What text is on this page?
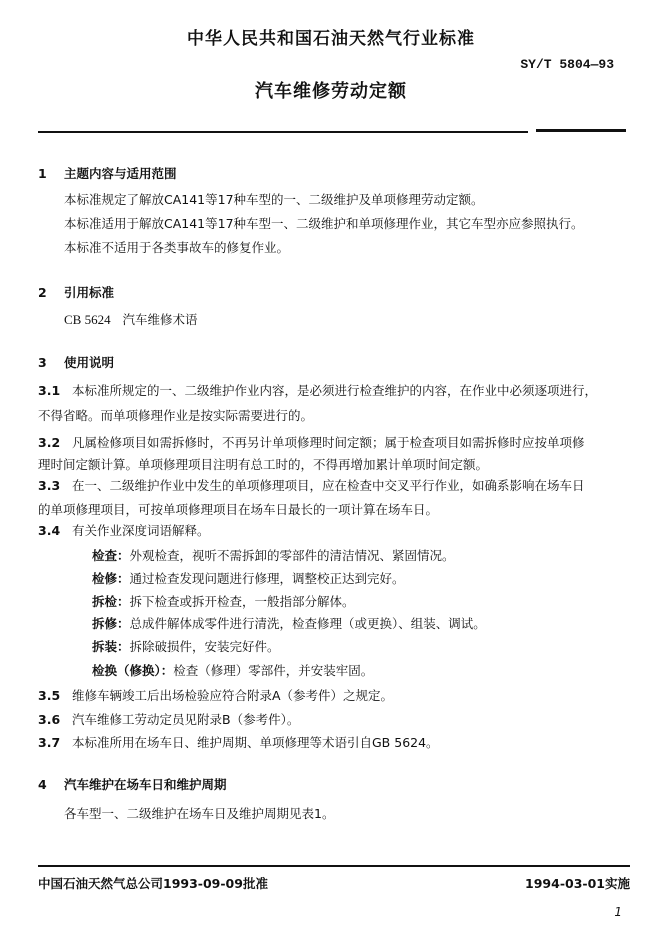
中华人民共和国石油天然气行业标准
SY/T 5804—93
汽车维修劳动定额
1 主题内容与适用范围
本标准规定了解放CA141等17种车型的一、二级维护及单项修理劳动定额。
本标准适用于解放CA141等17种车型一、二级维护和单项修理作业，其它车型亦应参照执行。
本标准不适用于各类事故车的修复作业。
2 引用标准
CB 5624 汽车维修术语
3 使用说明
3.1 本标准所规定的一、二级维护作业内容，是必须进行检查维护的内容，在作业中必须逐项进行，
不得省略。而单项修理作业是按实际需要进行的。
3.2 凡属检修项目如需拆修时，不再另计单项修理时间定额；属于检查项目如需拆修时应按单项修
理时间定额计算。单项修理项目注明有总工时的，不得再增加累计单项时间定额。
3.3 在一、二级维护作业中发生的单项修理项目，应在检查中交叉平行作业，如确系影响在场车日
的单项修理项目，可按单项修理项目在场车日最长的一项计算在场车日。
3.4 有关作业深度词语解释。
检查：外观检查，视听不需拆卸的零部件的清洁情况、紧固情况。
检修：通过检查发现问题进行修理，调整校正达到完好。
拆检：拆下检查或拆开检查，一般指部分解体。
拆修：总成件解体成零件进行清洗，检查修理（或更换）、组装、调试。
拆装：拆除破损件，安装完好件。
检换（修换）：检查（修理）零部件，并安装牢固。
3.5 维修车辆竣工后出场检验应符合附录A（参考件）之规定。
3.6 汽车维修工劳动定员见附录B（参考件）。
3.7 本标准所用在场车日、维护周期、单项修理等术语引自GB 5624。
4 汽车维护在场车日和维护周期
各车型一、二级维护在场车日及维护周期见表1。
中国石油天然气总公司1993-09-09批准	1994-03-01实施
1
